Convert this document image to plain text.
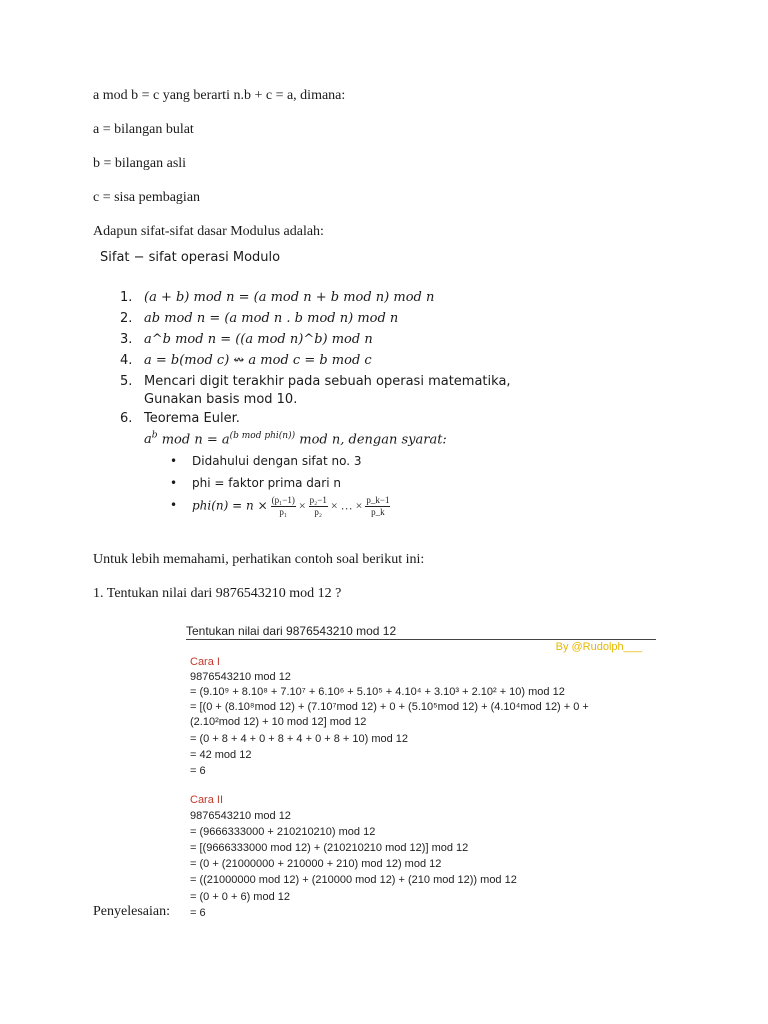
a mod b = c yang berarti n.b + c = a, dimana:
a = bilangan bulat
b = bilangan asli
c = sisa pembagian
Adapun sifat-sifat dasar Modulus adalah:
Sifat − sifat operasi Modulo
1. (a + b) mod n = (a mod n + b mod n) mod n
2. ab mod n = (a mod n . b mod n) mod n
3. a^b mod n = ((a mod n)^b) mod n
4. a = b(mod c) ↭ a mod c = b mod c
5. Mencari digit terakhir pada sebuah operasi matematika,
Gunakan basis mod 10.
6. Teorema Euler.
$a^b$ mod $n = a^{(b mod phi(n))}$ mod n, dengan syarat:
• Didahului dengan sifat no. 3
• phi = faktor prima dari n
• $phi(n) = n \times \frac{\text{(p₁−1)}}{\text{p₁}} \times \frac{\text{p₂−1}}{\text{p₂}}$ × … × $\frac{p\_k-1}{p\_k}$
Untuk lebih memahami, perhatikan contoh soal berikut ini:
1. Tentukan nilai dari 9876543210 mod 12 ?
Penyelesaian:
Tentukan nilai dari 9876543210 mod 12
By @Rudolph___
Cara I
9876543210 mod 12
= (9.10⁹ + 8.10⁸ + 7.10⁷ + 6.10⁶ + 5.10⁵ + 4.10⁴ + 3.10³ + 2.10² + 10) mod 12
= [(0 + (8.10⁸mod 12) + (7.10⁷mod 12) + 0 + (5.10⁵mod 12) + (4.10⁴mod 12) + 0 +
(2.10²mod 12) + 10 mod 12] mod 12
= (0 + 8 + 4 + 0 + 8 + 4 + 0 + 8 + 10) mod 12
= 42 mod 12
= 6
Cara II
9876543210 mod 12
= (9666333000 + 210210210) mod 12
= [(9666333000 mod 12) + (210210210 mod 12)] mod 12
= (0 + (21000000 + 210000 + 210) mod 12) mod 12
= ((21000000 mod 12) + (210000 mod 12) + (210 mod 12)) mod 12
= (0 + 0 + 6) mod 12
= 6
